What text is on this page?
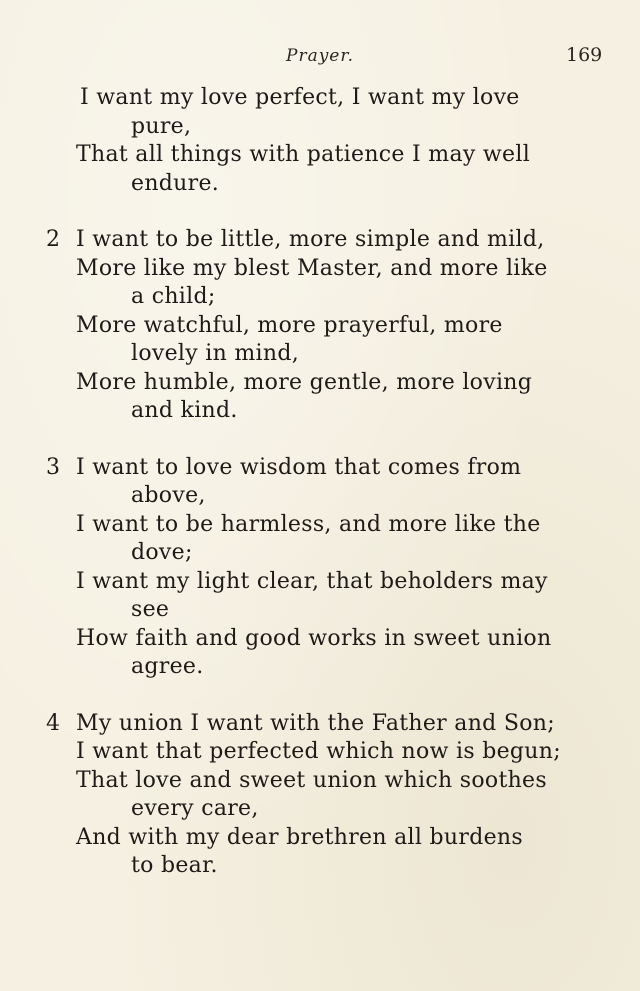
Prayer.	169
I want my love perfect, I want my love
pure,
That all things with patience I may well
endure.
2 I want to be little, more simple and mild,
More like my blest Master, and more like
a child;
More watchful, more prayerful, more
lovely in mind,
More humble, more gentle, more loving
and kind.
3 I want to love wisdom that comes from
above,
I want to be harmless, and more like the
dove;
I want my light clear, that beholders may
see
How faith and good works in sweet union
agree.
4 My union I want with the Father and Son;
I want that perfected which now is begun;
That love and sweet union which soothes
every care,
And with my dear brethren all burdens
to bear.
